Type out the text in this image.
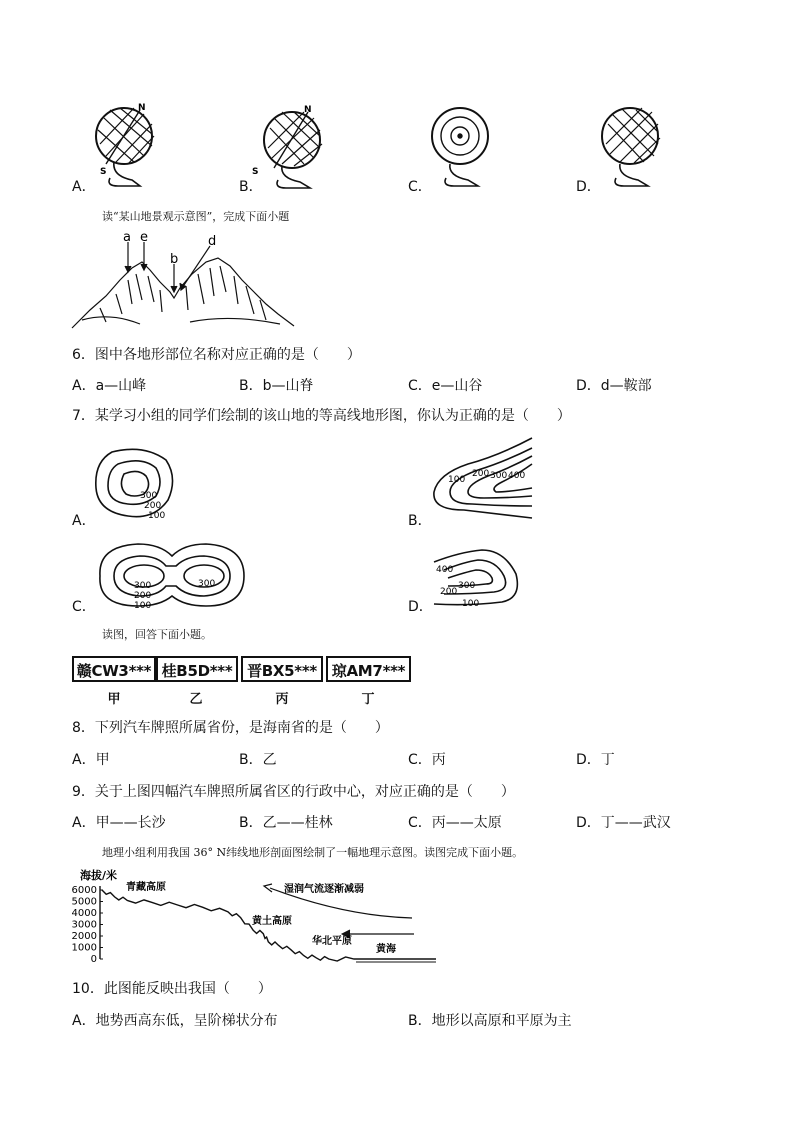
N
S
A．
N
S
B．	C．	D．
读“某山地景观示意图”，完成下面小题
a e
b
d
6．图中各地形部位名称对应正确的是（　　）
A．a—山峰	B．b—山脊	C．e—山谷	D．d—鞍部
7．某学习小组的同学们绘制的该山地的等高线地形图，你认为正确的是（　　）
A．
300
200
100	B．
100
200 300 400
C．
300
200
100
300
D．
400
300
200
100
读图，回答下面小题。
赣CW3*** 桂B5D*** 晋BX5*** 琼AM7***
甲	乙	丙	丁
8．下列汽车牌照所属省份，是海南省的是（　　）
A．甲	B．乙	C．丙	D．丁
9．关于上图四幅汽车牌照所属省区的行政中心，对应正确的是（　　）
A．甲——长沙	B．乙——桂林	C．丙——太原	D．丁——武汉
地理小组利用我国 36° N纬线地形剖面图绘制了一幅地理示意图。读图完成下面小题。
海拔/米
6000
5000
4000
3000
2000
1000
0
青藏高原	湿润气流逐渐减弱
黄土高原
华北平原
黄海
10．此图能反映出我国（　　）
A．地势西高东低，呈阶梯状分布	B．地形以高原和平原为主
